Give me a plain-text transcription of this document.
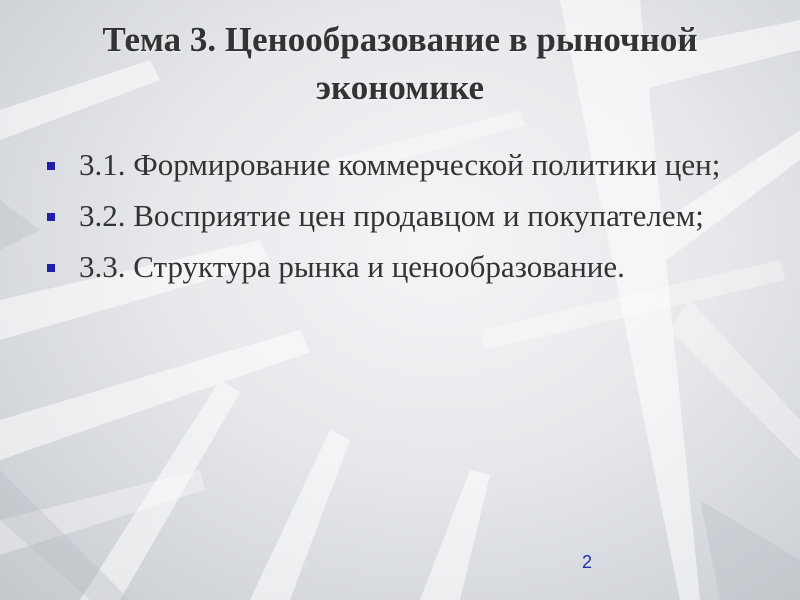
Тема 3. Ценообразование в рыночной экономике
3.1. Формирование коммерческой политики цен;
3.2. Восприятие цен продавцом и покупателем;
3.3. Структура рынка и ценообразование.
2
